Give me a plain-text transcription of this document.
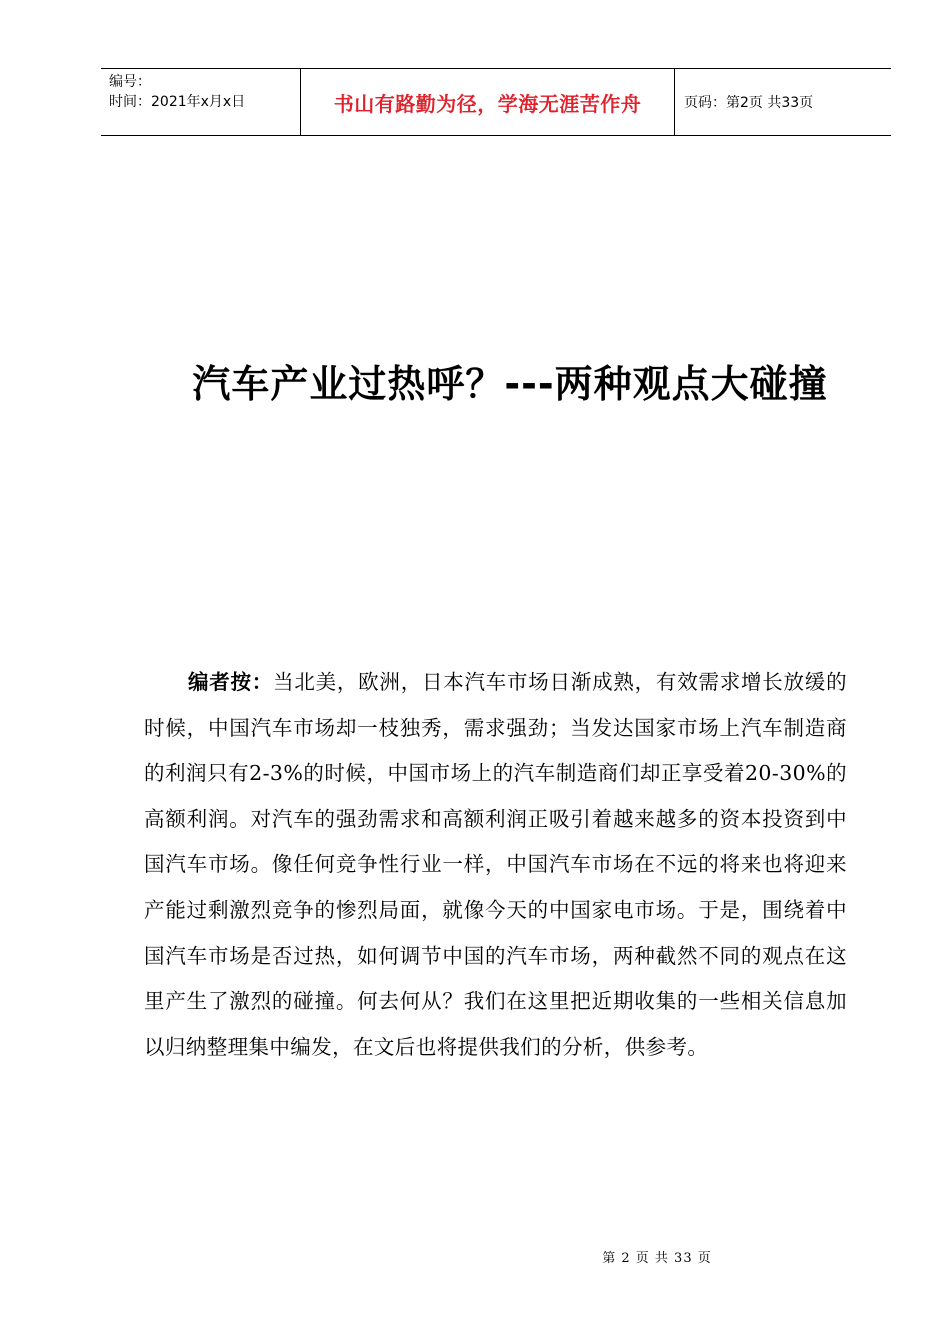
编号：
时间：2021年x月x日	书山有路勤为径，学海无涯苦作舟	页码：第2页 共33页
汽车产业过热呼？---两种观点大碰撞

编者按：当北美，欧洲，日本汽车市场日渐成熟，有效需求增长放缓的时候，中国汽车市场却一枝独秀，需求强劲；当发达国家市场上汽车制造商的利润只有2-3%的时候，中国市场上的汽车制造商们却正享受着20-30%的高额利润。对汽车的强劲需求和高额利润正吸引着越来越多的资本投资到中国汽车市场。像任何竞争性行业一样，中国汽车市场在不远的将来也将迎来产能过剩激烈竞争的惨烈局面，就像今天的中国家电市场。于是，围绕着中国汽车市场是否过热，如何调节中国的汽车市场，两种截然不同的观点在这里产生了激烈的碰撞。何去何从？我们在这里把近期收集的一些相关信息加以归纳整理集中编发，在文后也将提供我们的分析，供参考。

第 2 页 共 33 页
